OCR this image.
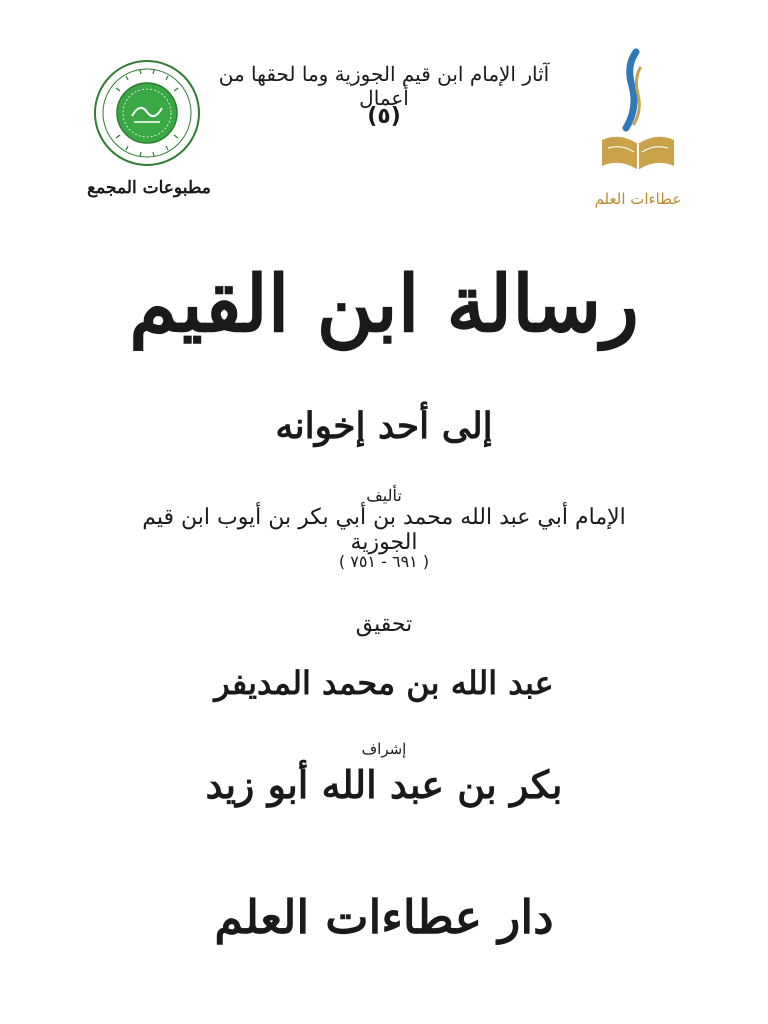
آثار الإمام ابن قيم الجوزية وما لحقها من أعمال
(٥)
مطبوعات المجمع
عطاءات العلم
رسالة ابن القيم
إلى أحد إخوانه
تأليف
الإمام أبي عبد الله محمد بن أبي بكر بن أيوب ابن قيم الجوزية
( ٦٩١ - ٧٥١ )
تحقيق
عبد الله بن محمد المديفر
إشراف
بكر بن عبد الله أبو زيد
دار عطاءات العلم
